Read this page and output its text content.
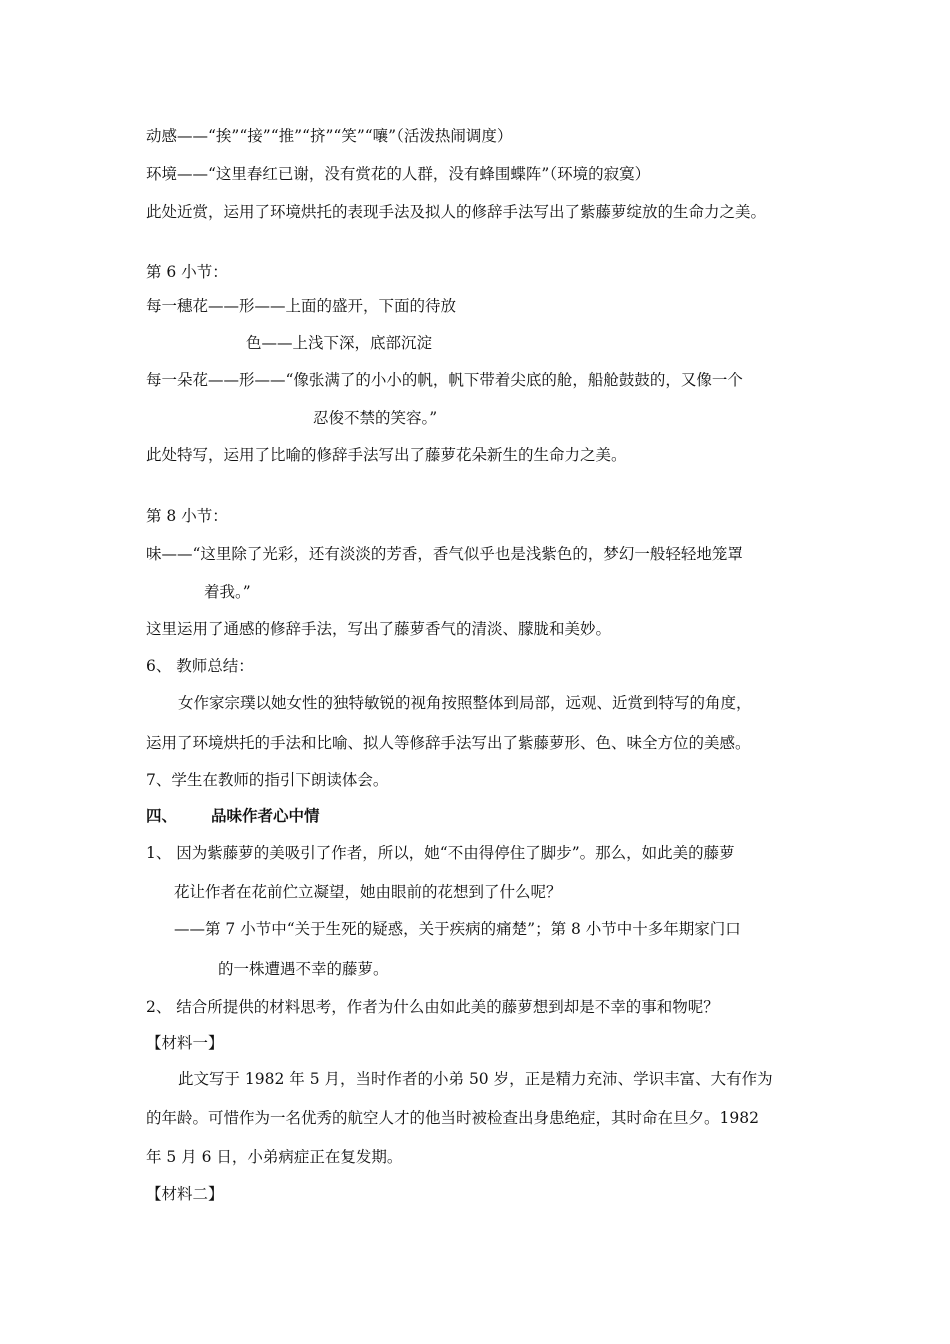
动感——“挨”“接”“推”“挤”“笑”“嚷”（活泼热闹调度）
环境——“这里春红已谢，没有赏花的人群，没有蜂围蝶阵”（环境的寂寞）
此处近赏，运用了环境烘托的表现手法及拟人的修辞手法写出了紫藤萝绽放的生命力之美。
第 6 小节：
每一穗花——形——上面的盛开，下面的待放
色——上浅下深，底部沉淀
每一朵花——形——“像张满了的小小的帆，帆下带着尖底的舱，船舱鼓鼓的，又像一个
忍俊不禁的笑容。”
此处特写，运用了比喻的修辞手法写出了藤萝花朵新生的生命力之美。
第 8 小节：
味——“这里除了光彩，还有淡淡的芳香，香气似乎也是浅紫色的，梦幻一般轻轻地笼罩
着我。”
这里运用了通感的修辞手法，写出了藤萝香气的清淡、朦胧和美妙。
6、 教师总结：
女作家宗璞以她女性的独特敏锐的视角按照整体到局部，远观、近赏到特写的角度，
运用了环境烘托的手法和比喻、拟人等修辞手法写出了紫藤萝形、色、味全方位的美感。
7、学生在教师的指引下朗读体会。
四、 品味作者心中情
1、 因为紫藤萝的美吸引了作者，所以，她“不由得停住了脚步”。那么，如此美的藤萝
花让作者在花前伫立凝望，她由眼前的花想到了什么呢？
——第 7 小节中“关于生死的疑惑，关于疾病的痛楚”；第 8 小节中十多年期家门口
的一株遭遇不幸的藤萝。
2、 结合所提供的材料思考，作者为什么由如此美的藤萝想到却是不幸的事和物呢？
【材料一】
此文写于 1982 年 5 月，当时作者的小弟 50 岁，正是精力充沛、学识丰富、大有作为
的年龄。可惜作为一名优秀的航空人才的他当时被检查出身患绝症，其时命在旦夕。1982
年 5 月 6 日，小弟病症正在复发期。
【材料二】
